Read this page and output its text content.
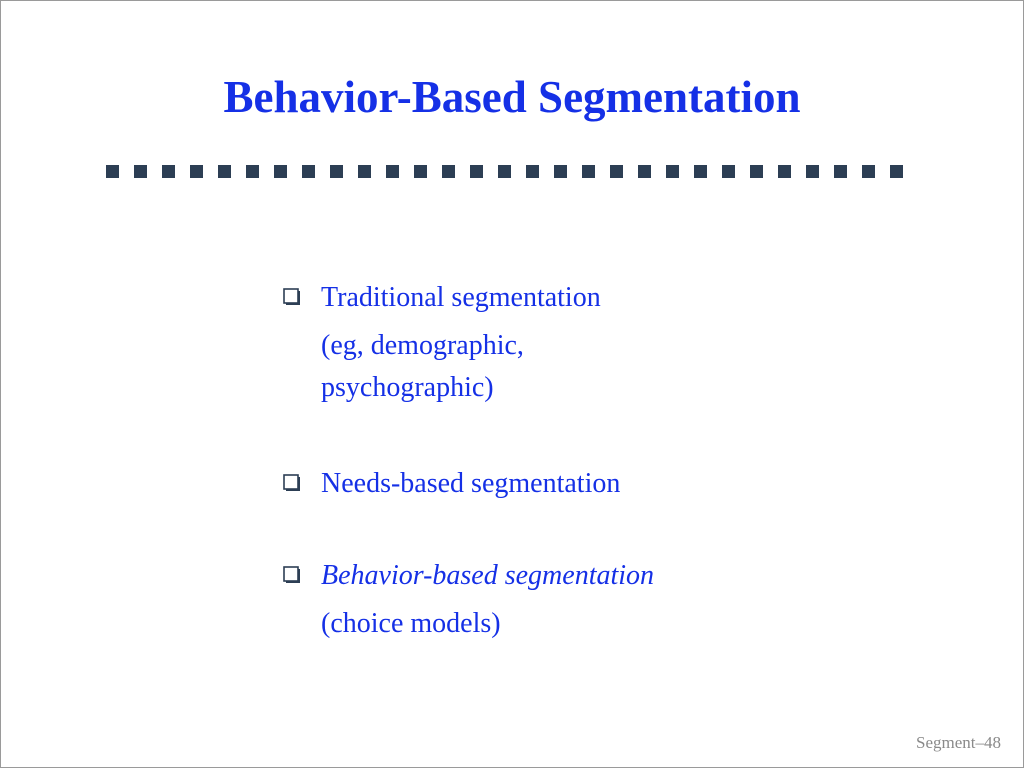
Behavior-Based Segmentation
Traditional segmentation
(eg, demographic,
psychographic)
Needs-based segmentation
Behavior-based segmentation
(choice models)
Segment–48
